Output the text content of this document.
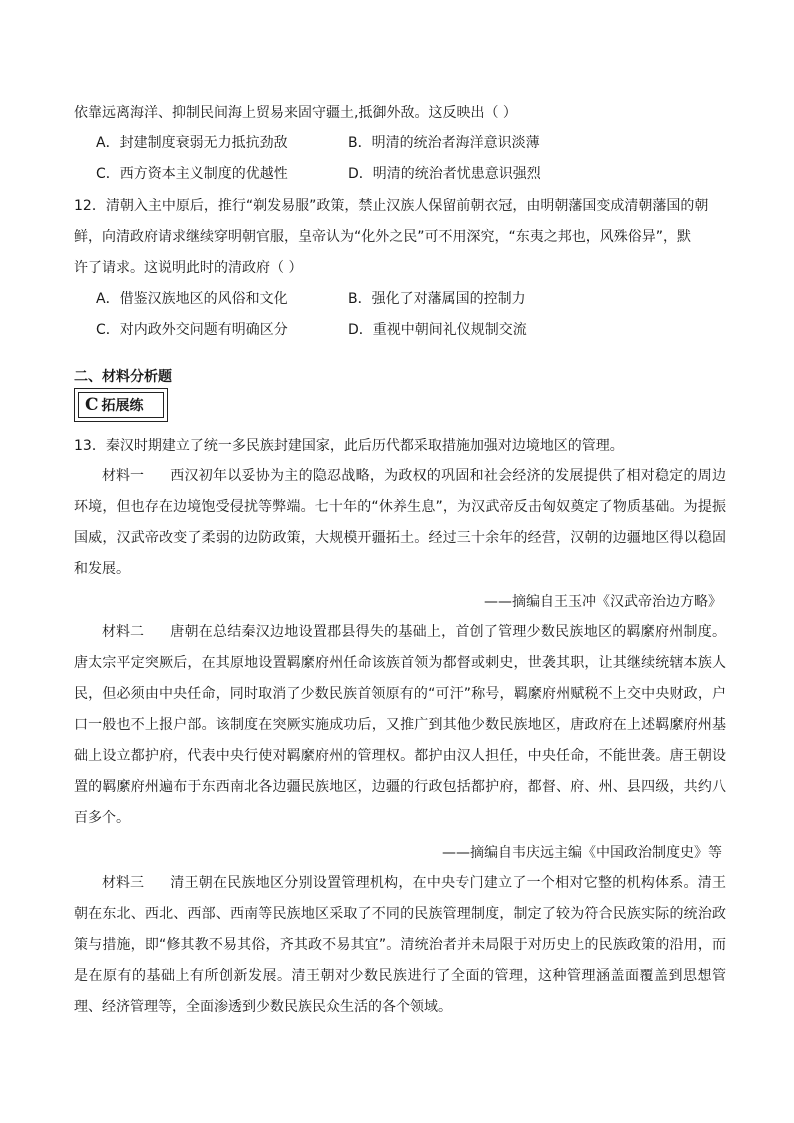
依靠远离海洋、抑制民间海上贸易来固守疆土,抵御外敌。这反映出（ ）
A．封建制度衰弱无力抵抗劲敌	B．明清的统治者海洋意识淡薄
C．西方资本主义制度的优越性	D．明清的统治者忧患意识强烈
12．清朝入主中原后，推行“剃发易服”政策，禁止汉族人保留前朝衣冠，由明朝藩国变成清朝藩国的朝
鲜，向清政府请求继续穿明朝官服，皇帝认为“化外之民”可不用深究，“东夷之邦也，风殊俗异”，默
许了请求。这说明此时的清政府（ ）
A．借鉴汉族地区的风俗和文化	B．强化了对藩属国的控制力
C．对内政外交问题有明确区分	D．重视中朝间礼仪规制交流
二、材料分析题
C 拓展练
13．秦汉时期建立了统一多民族封建国家，此后历代都采取措施加强对边境地区的管理。
材料一 西汉初年以妥协为主的隐忍战略，为政权的巩固和社会经济的发展提供了相对稳定的周边环境，但也存在边境饱受侵扰等弊端。七十年的“休养生息”，为汉武帝反击匈奴奠定了物质基础。为提振国威，汉武帝改变了柔弱的边防政策，大规模开疆拓土。经过三十余年的经营，汉朝的边疆地区得以稳固和发展。
——摘编自王玉冲《汉武帝治边方略》
材料二 唐朝在总结秦汉边地设置郡县得失的基础上，首创了管理少数民族地区的羁縻府州制度。唐太宗平定突厥后，在其原地设置羁縻府州任命该族首领为都督或刺史，世袭其职，让其继续统辖本族人民，但必须由中央任命，同时取消了少数民族首领原有的“可汗”称号，羁縻府州赋税不上交中央财政，户口一般也不上报户部。该制度在突厥实施成功后，又推广到其他少数民族地区，唐政府在上述羁縻府州基础上设立都护府，代表中央行使对羁縻府州的管理权。都护由汉人担任，中央任命，不能世袭。唐王朝设置的羁縻府州遍布于东西南北各边疆民族地区，边疆的行政包括都护府，都督、府、州、县四级，共约八百多个。
——摘编自韦庆远主编《中国政治制度史》等
材料三 清王朝在民族地区分别设置管理机构，在中央专门建立了一个相对它整的机构体系。清王朝在东北、西北、西部、西南等民族地区采取了不同的民族管理制度，制定了较为符合民族实际的统治政策与措施，即“修其教不易其俗，齐其政不易其宜”。清统治者并未局限于对历史上的民族政策的沿用，而是在原有的基础上有所创新发展。清王朝对少数民族进行了全面的管理，这种管理涵盖面覆盖到思想管理、经济管理等，全面渗透到少数民族民众生活的各个领域。
